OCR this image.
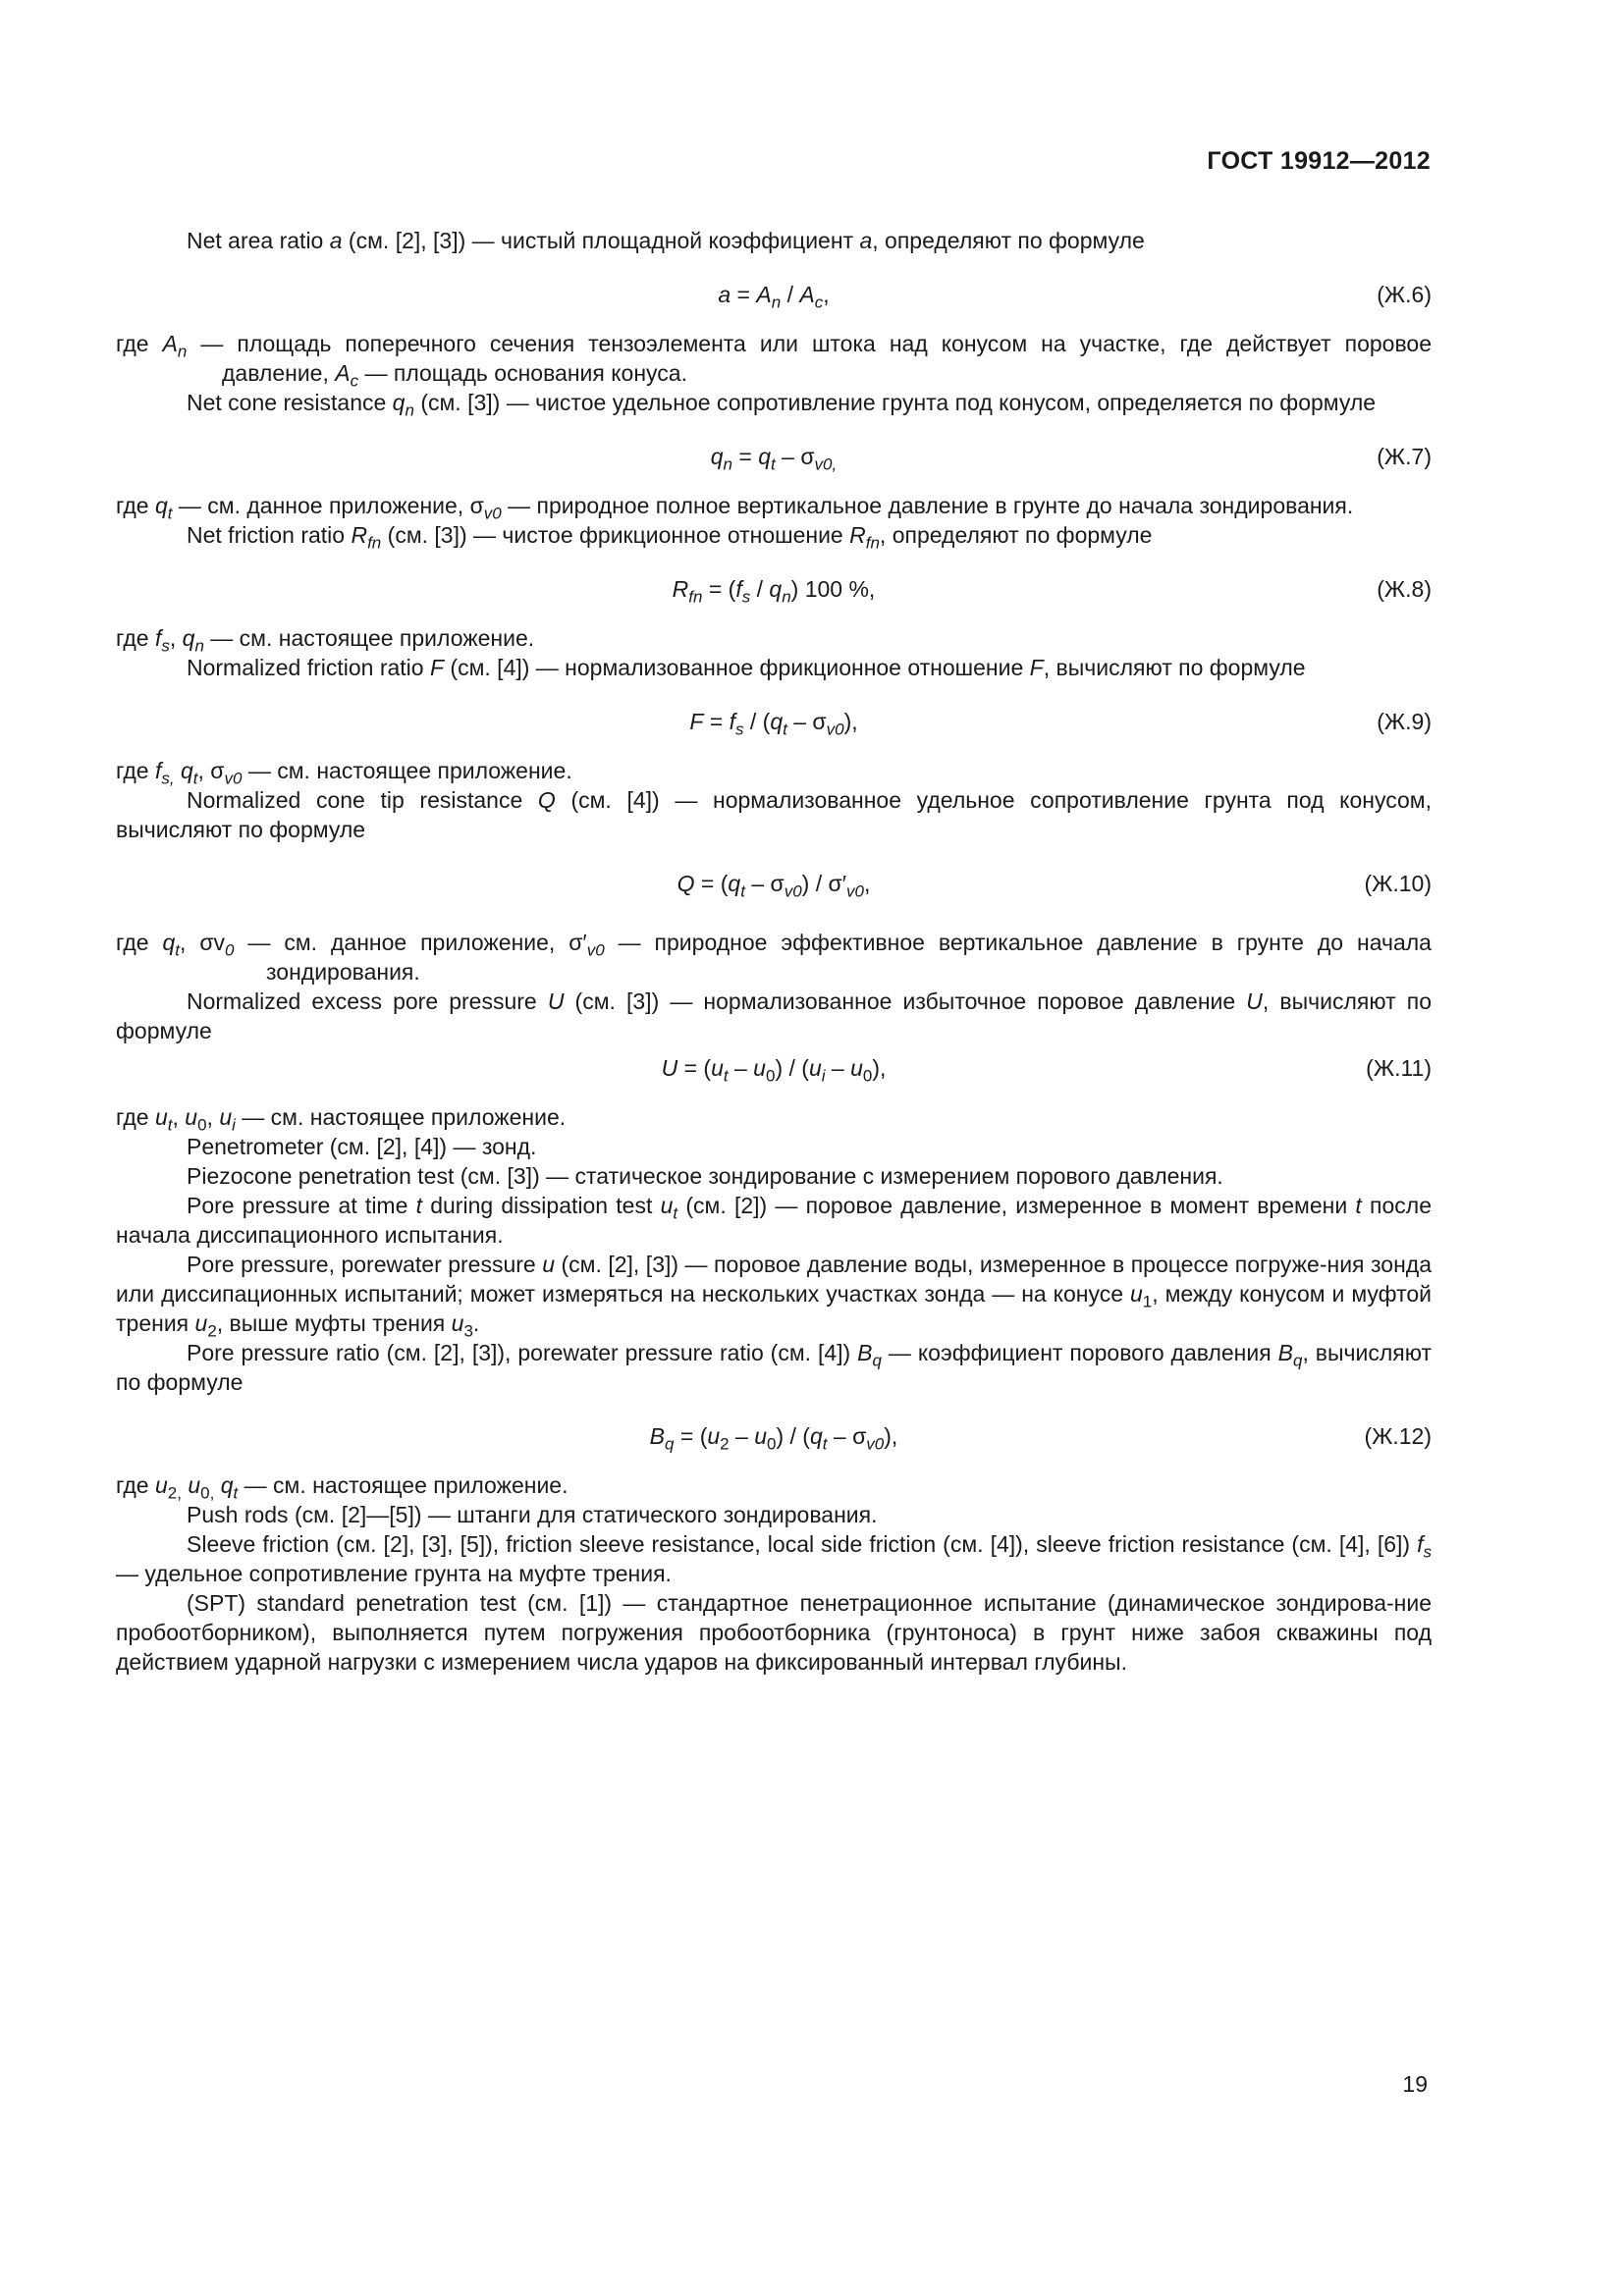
ГОСТ 19912—2012

Net area ratio a (см. [2], [3]) — чистый площадной коэффициент a, определяют по формуле

$a = A_n / A_c$,	(Ж.6)

где $A_n$ — площадь поперечного сечения тензоэлемента или штока над конусом на участке, где действует поровое давление, $A_c$ — площадь основания конуса.

Net cone resistance $q_n$ (см. [3]) — чистое удельное сопротивление грунта под конусом, определяется по формуле

$q_n = q_t - \sigma_{v0,}$	(Ж.7)

где $q_t$ — см. данное приложение, $\sigma_{v0}$ — природное полное вертикальное давление в грунте до начала зондирования.

Net friction ratio $R_{fn}$ (см. [3]) — чистое фрикционное отношение $R_{fn}$, определяют по формуле

$R_{fn} = (f_s / q_n)$ 100 %,	(Ж.8)

где $f_s$, $q_n$ — см. настоящее приложение.

Normalized friction ratio F (см. [4]) — нормализованное фрикционное отношение F, вычисляют по формуле

$F = f_s / (q_t - \sigma_{v0})$,	(Ж.9)

где $f_{s,}$ $q_t$, $\sigma_{v0}$ — см. настоящее приложение.

Normalized cone tip resistance Q (см. [4]) — нормализованное удельное сопротивление грунта под конусом, вычисляют по формуле

$Q = (q_t - \sigma_{v0}) / \sigma'_{v0}$,	(Ж.10)

где $q_t$, $\sigma v_0$ — см. данное приложение, $\sigma'_{v0}$ — природное эффективное вертикальное давление в грунте до начала зондирования.

Normalized excess pore pressure U (см. [3]) — нормализованное избыточное поровое давление U, вычисляют по формуле

$U = (u_t - u_0) / (u_i - u_0)$,	(Ж.11)

где $u_t$, $u_0$, $u_i$ — см. настоящее приложение.

Penetrometer (см. [2], [4]) — зонд.

Piezocone penetration test (см. [3]) — статическое зондирование с измерением порового давления.

Pore pressure at time t during dissipation test $u_t$ (см. [2]) — поровое давление, измеренное в момент времени t после начала диссипационного испытания.

Pore pressure, porewater pressure u (см. [2], [3]) — поровое давление воды, измеренное в процессе погруже-ния зонда или диссипационных испытаний; может измеряться на нескольких участках зонда — на конусе $u_1$, между конусом и муфтой трения $u_2$, выше муфты трения $u_3$.

Pore pressure ratio (см. [2], [3]), porewater pressure ratio (см. [4]) $B_q$ — коэффициент порового давления $B_q$, вычисляют по формуле

$B_q = (u_2 - u_0) / (q_t - \sigma_{v0})$,	(Ж.12)

где $u_{2,}$ $u_{0,}$ $q_t$ — см. настоящее приложение.

Push rods (см. [2]—[5]) — штанги для статического зондирования.

Sleeve friction (см. [2], [3], [5]), friction sleeve resistance, local side friction (см. [4]), sleeve friction resistance (см. [4], [6]) $f_s$ — удельное сопротивление грунта на муфте трения.

(SPT) standard penetration test (см. [1]) — стандартное пенетрационное испытание (динамическое зондирова-ние пробоотборником), выполняется путем погружения пробоотборника (грунтоноса) в грунт ниже забоя скважины под действием ударной нагрузки с измерением числа ударов на фиксированный интервал глубины.

19
